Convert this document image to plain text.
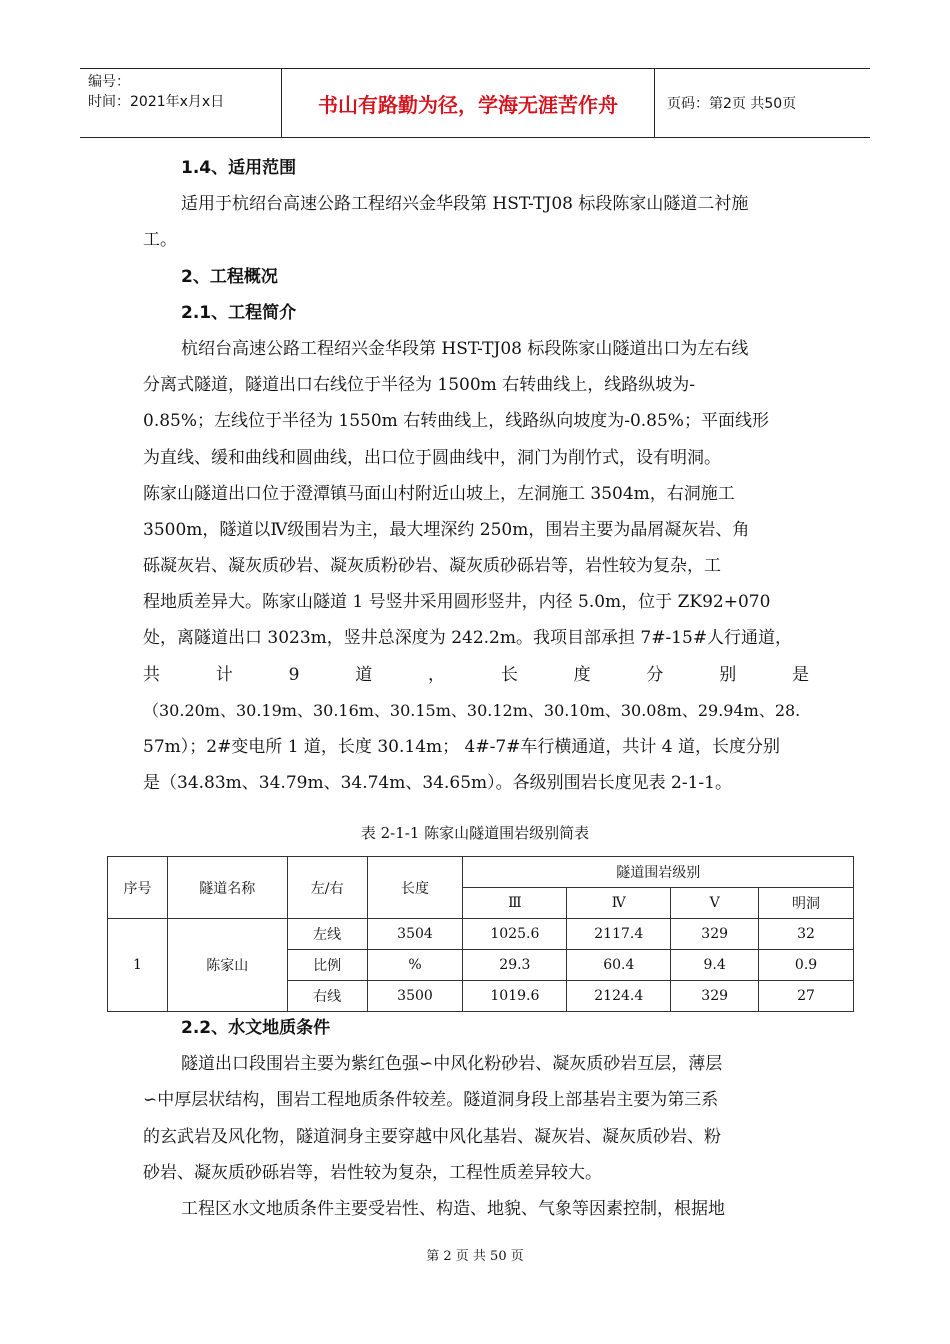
编号：
时间：2021年x月x日	书山有路勤为径，学海无涯苦作舟	页码：第2页 共50页
1.4、适用范围
适用于杭绍台高速公路工程绍兴金华段第 HST-TJ08 标段陈家山隧道二衬施
工。
2、工程概况
2.1、工程简介
杭绍台高速公路工程绍兴金华段第 HST-TJ08 标段陈家山隧道出口为左右线
分离式隧道，隧道出口右线位于半径为 1500m 右转曲线上，线路纵坡为-
0.85%；左线位于半径为 1550m 右转曲线上，线路纵向坡度为-0.85%；平面线形
为直线、缓和曲线和圆曲线，出口位于圆曲线中，洞门为削竹式，设有明洞。
陈家山隧道出口位于澄潭镇马面山村附近山坡上，左洞施工 3504m，右洞施工
3500m，隧道以Ⅳ级围岩为主，最大埋深约 250m，围岩主要为晶屑凝灰岩、角
砾凝灰岩、凝灰质砂岩、凝灰质粉砂岩、凝灰质砂砾岩等，岩性较为复杂，工
程地质差异大。陈家山隧道 1 号竖井采用圆形竖井，内径 5.0m，位于 ZK92+070
处，离隧道出口 3023m，竖井总深度为 242.2m。我项目部承担 7#-15#人行通道，
共	计	9	道	，	长	度	分	别	是
（30.20m、30.19m、30.16m、30.15m、30.12m、30.10m、30.08m、29.94m、28.
57m）；2#变电所 1 道，长度 30.14m； 4#-7#车行横通道，共计 4 道，长度分别
是（34.83m、34.79m、34.74m、34.65m）。各级别围岩长度见表 2-1-1。
表 2-1-1 陈家山隧道围岩级别简表
序号	隧道名称	左/右	长度	隧道围岩级别			
				Ⅲ	Ⅳ	Ⅴ	明洞
1	陈家山	左线	3504	1025.6	2117.4	329	32
		比例	%	29.3	60.4	9.4	0.9
		右线	3500	1019.6	2124.4	329	27
2.2、水文地质条件
隧道出口段围岩主要为紫红色强∽中风化粉砂岩、凝灰质砂岩互层，薄层
∽中厚层状结构，围岩工程地质条件较差。隧道洞身段上部基岩主要为第三系
的玄武岩及风化物，隧道洞身主要穿越中风化基岩、凝灰岩、凝灰质砂岩、粉
砂岩、凝灰质砂砾岩等，岩性较为复杂，工程性质差异较大。
工程区水文地质条件主要受岩性、构造、地貌、气象等因素控制，根据地
第 2 页 共 50 页
